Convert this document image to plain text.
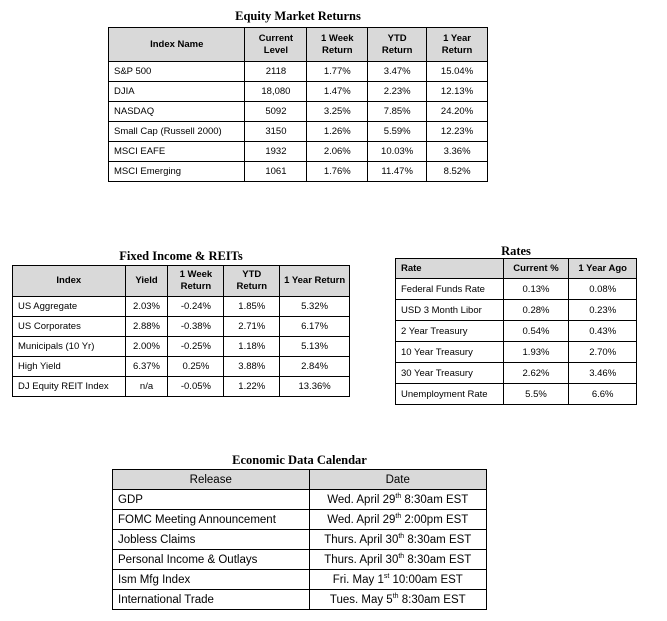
Equity Market Returns
Index Name	Current Level	1 Week Return	YTD Return	1 Year Return
S&P 500	2118	1.77%	3.47%	15.04%
DJIA	18,080	1.47%	2.23%	12.13%
NASDAQ	5092	3.25%	7.85%	24.20%
Small Cap (Russell 2000)	3150	1.26%	5.59%	12.23%
MSCI EAFE	1932	2.06%	10.03%	3.36%
MSCI Emerging	1061	1.76%	11.47%	8.52%
Fixed Income & REITs
Index	Yield	1 Week Return	YTD Return	1 Year Return
US Aggregate	2.03%	-0.24%	1.85%	5.32%
US Corporates	2.88%	-0.38%	2.71%	6.17%
Municipals (10 Yr)	2.00%	-0.25%	1.18%	5.13%
High Yield	6.37%	0.25%	3.88%	2.84%
DJ Equity REIT Index	n/a	-0.05%	1.22%	13.36%
Rates
Rate	Current %	1 Year Ago
Federal Funds Rate	0.13%	0.08%
USD 3 Month Libor	0.28%	0.23%
2 Year Treasury	0.54%	0.43%
10 Year Treasury	1.93%	2.70%
30 Year Treasury	2.62%	3.46%
Unemployment Rate	5.5%	6.6%
Economic Data Calendar
Release	Date
GDP	Wed. April 29th 8:30am EST
FOMC Meeting Announcement	Wed. April 29th 2:00pm EST
Jobless Claims	Thurs. April 30th 8:30am EST
Personal Income & Outlays	Thurs. April 30th 8:30am EST
Ism Mfg Index	Fri. May 1st 10:00am EST
International Trade	Tues. May 5th 8:30am EST
